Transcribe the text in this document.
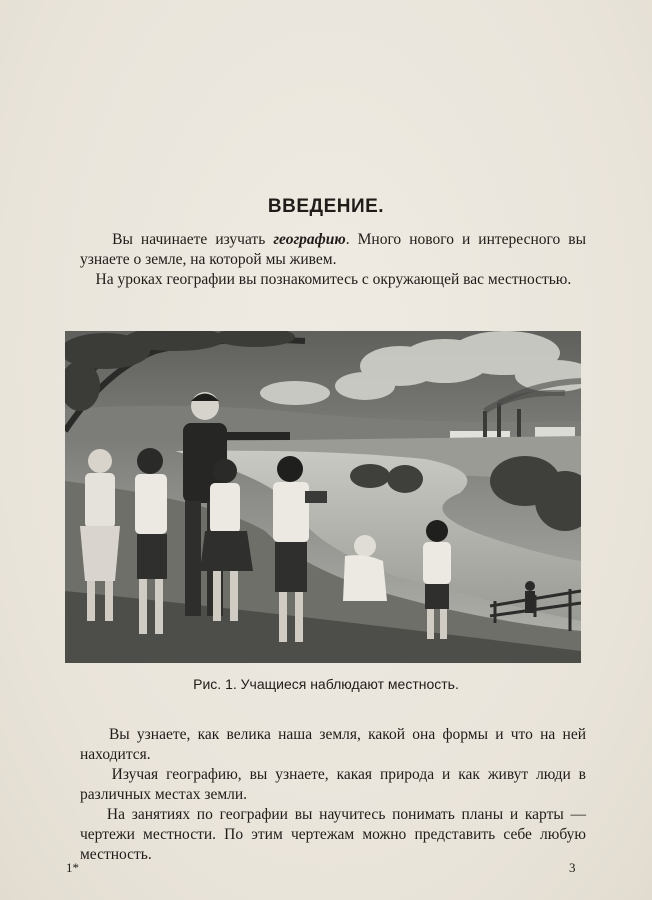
ВВЕДЕНИЕ.
Вы начинаете изучать географию. Много нового и интересного вы узнаете о земле, на которой мы живем.
На уроках географии вы познакомитесь с окружающей вас местностью.
Рис. 1. Учащиеся наблюдают местность.
Вы узнаете, как велика наша земля, какой она формы и что на ней находится.
Изучая географию, вы узнаете, какая природа и как живут люди в различных местах земли.
На занятиях по географии вы научитесь понимать планы и карты — чертежи местности. По этим чертежам можно представить себе любую местность.
1*	3
